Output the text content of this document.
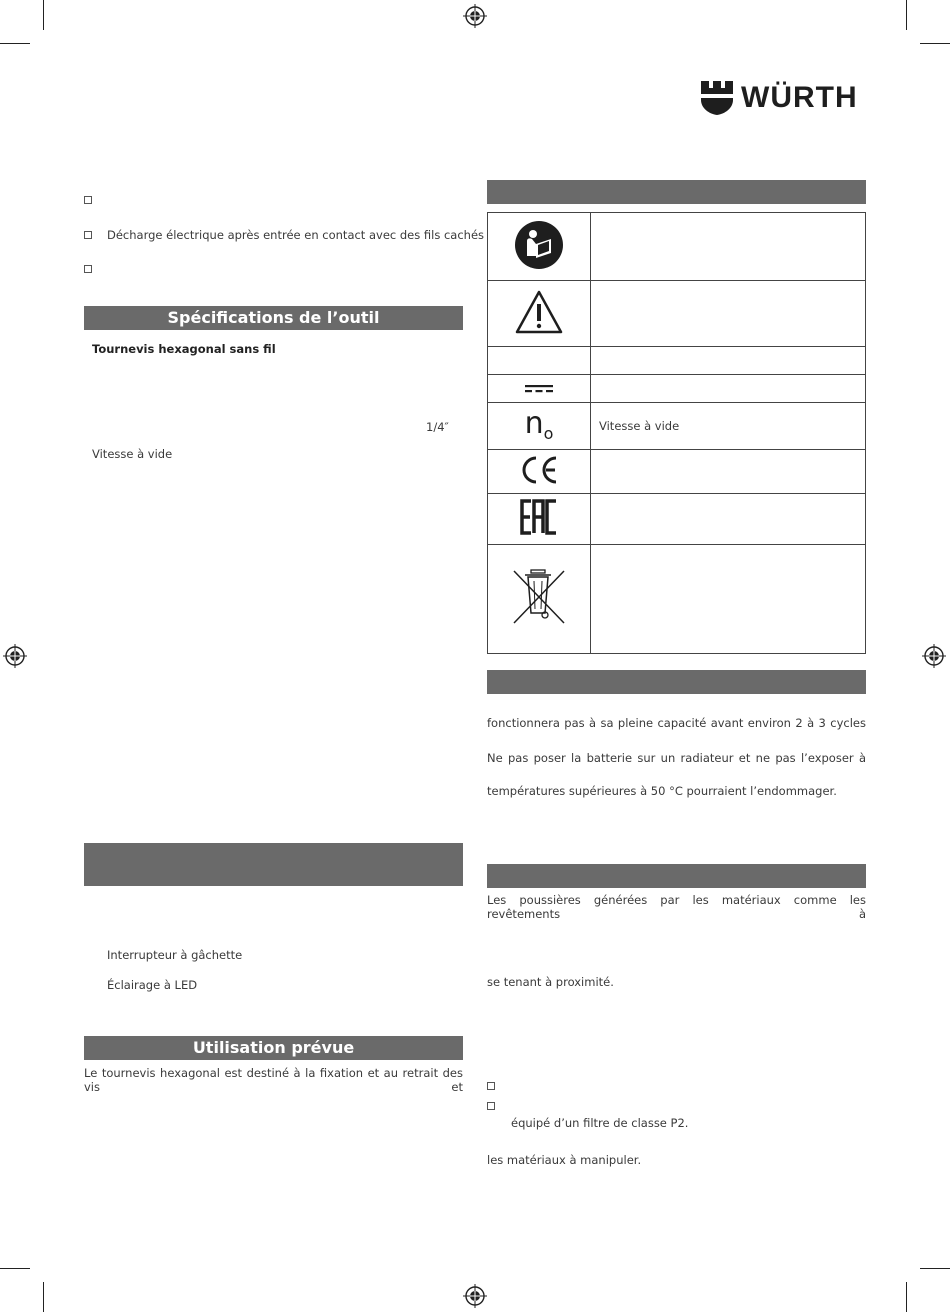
WÜRTH
Décharge électrique après entrée en contact avec des fils cachés
Spécifications de l’outil
Tournevis hexagonal sans fil
1/4″
Vitesse à vide
Interrupteur à gâchette
Éclairage à LED
Utilisation prévue
Le tournevis hexagonal est destiné à la fixation et au retrait des vis et

$n_o$	Vitesse à vide

fonctionnera pas à sa pleine capacité avant environ 2 à 3 cycles
Ne pas poser la batterie sur un radiateur et ne pas l’exposer à
températures supérieures à 50 °C pourraient l’endommager.
Les poussières générées par les matériaux comme les revêtements à
se tenant à proximité.
équipé d’un filtre de classe P2.
les matériaux à manipuler.
